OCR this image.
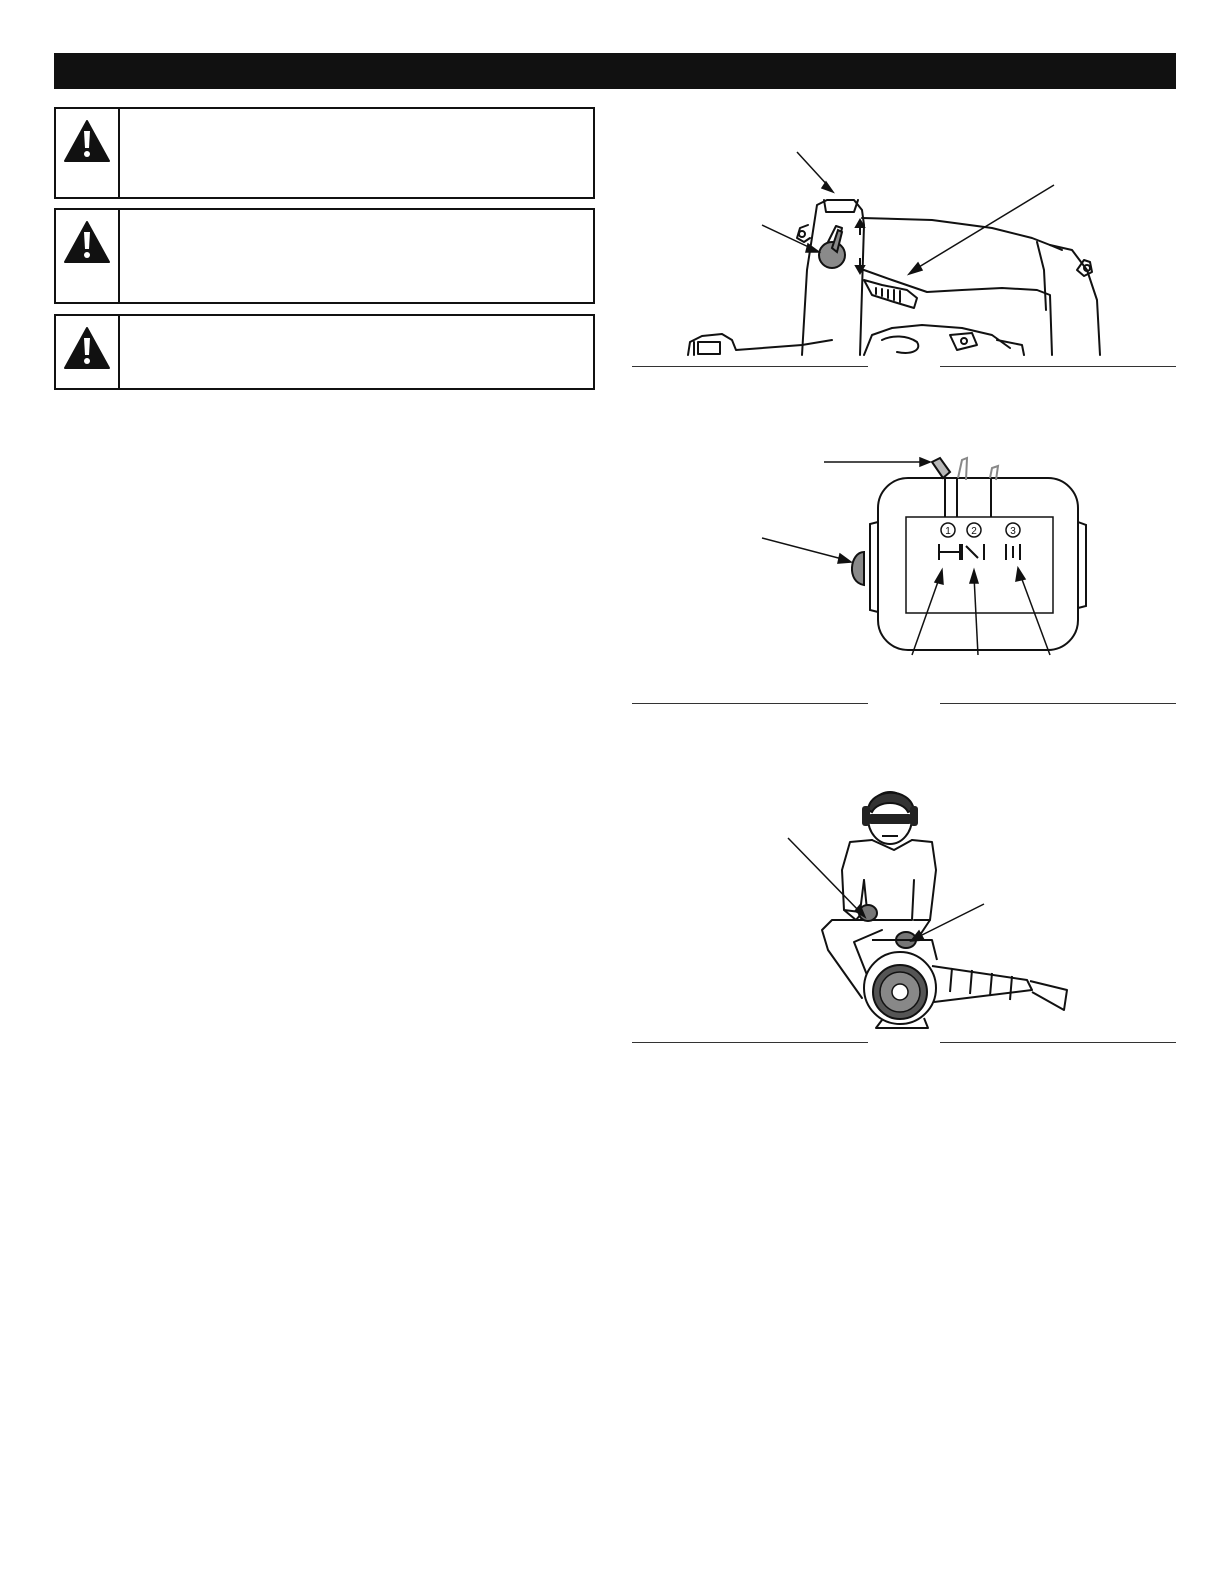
1 2	3
